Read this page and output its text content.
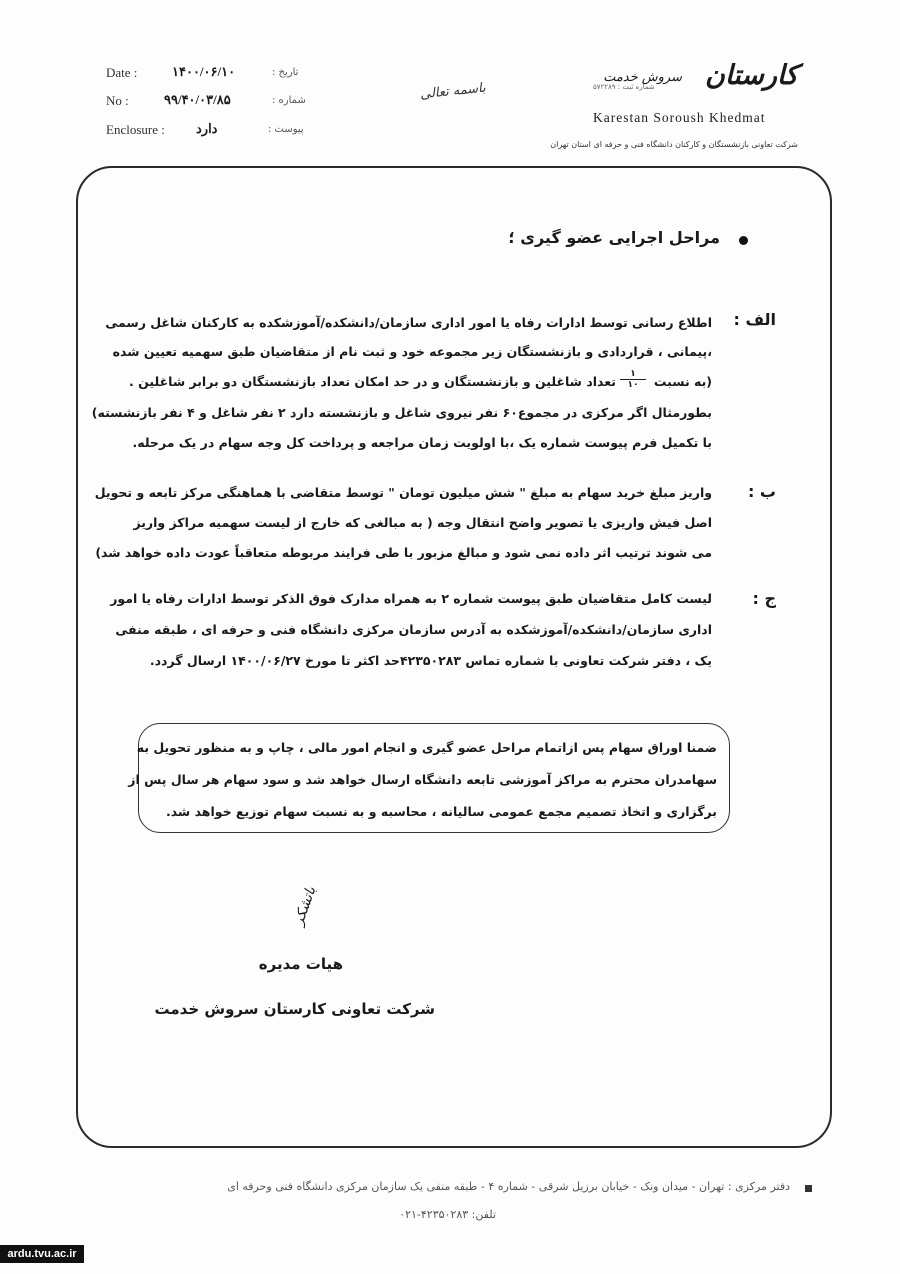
Date :	۱۴۰۰/۰۶/۱۰	تاریخ :
No :	۹۹/۴۰/۰۳/۸۵	شماره :
Enclosure : دارد	پیوست :
باسمه تعالی
کارستان
سروش خدمت
شماره ثبت : ۵۷۲۲۸۹
Karestan Soroush Khedmat
شرکت تعاونی بازنشستگان و کارکنان دانشگاه فنی و حرفه ای استان تهران
مراحل اجرایی عضو گیری ؛
الف :
اطلاع رسانی توسط ادارات رفاه یا امور اداری سازمان/دانشکده/آموزشکده به کارکنان شاغل رسمی
،پیمانی ، قراردادی و بازنشستگان زیر مجموعه خود و ثبت نام از متقاضیان طبق سهمیه تعیین شده
(به نسبت
۱
۱۰
تعداد شاغلین و بازنشستگان و در حد امکان تعداد بازنشستگان دو برابر شاغلین .
بطورمثال اگر مرکزی در مجموع۶۰ نفر نیروی شاغل و بازنشسته دارد ۲ نفر شاغل و ۴ نفر بازنشسته)
با تکمیل فرم پیوست شماره یک ،با اولویت زمان مراجعه و پرداخت کل وجه سهام در یک مرحله.
ب :
واریز مبلغ خرید سهام به مبلغ " شش میلیون تومان " توسط متقاضی با هماهنگی مرکز تابعه و تحویل
اصل فیش واریزی یا تصویر واضح انتقال وجه ( به مبالغی که خارج از لیست سهمیه مراکز واریز
می شوند ترتیب اثر داده نمی شود و مبالغ مزبور با طی فرایند مربوطه متعاقباً عودت داده خواهد شد)
ج :
لیست کامل متقاضیان طبق پیوست شماره ۲ به همراه مدارک فوق الذکر توسط ادارات رفاه یا امور
اداری سازمان/دانشکده/آموزشکده به آدرس سازمان مرکزی دانشگاه فنی و حرفه ای ، طبقه منفی
یک ، دفتر شرکت تعاونی با شماره تماس ۴۲۳۵۰۲۸۳حد اکثر تا مورخ ۱۴۰۰/۰۶/۲۷ ارسال گردد.
ضمنا اوراق سهام پس ازاتمام مراحل عضو گیری و انجام امور مالی ، چاپ و به منظور تحویل به
سهامدران محترم به مراکز آموزشی تابعه دانشگاه ارسال خواهد شد و سود سهام هر سال پس از
برگزاری و اتخاذ تصمیم مجمع عمومی سالیانه ، محاسبه و به نسبت سهام توزیع خواهد شد.
باتشکر
هیات مدیره
شرکت تعاونی کارستان سروش خدمت
دفتر مرکزی : تهران - میدان ونک - خیابان برزیل شرقی - شماره ۴ - طبقه منفی یک سازمان مرکزی دانشگاه فنی وحرفه ای
تلفن: ۴۲۳۵۰۲۸۳-۰۲۱
ardu.tvu.ac.ir
